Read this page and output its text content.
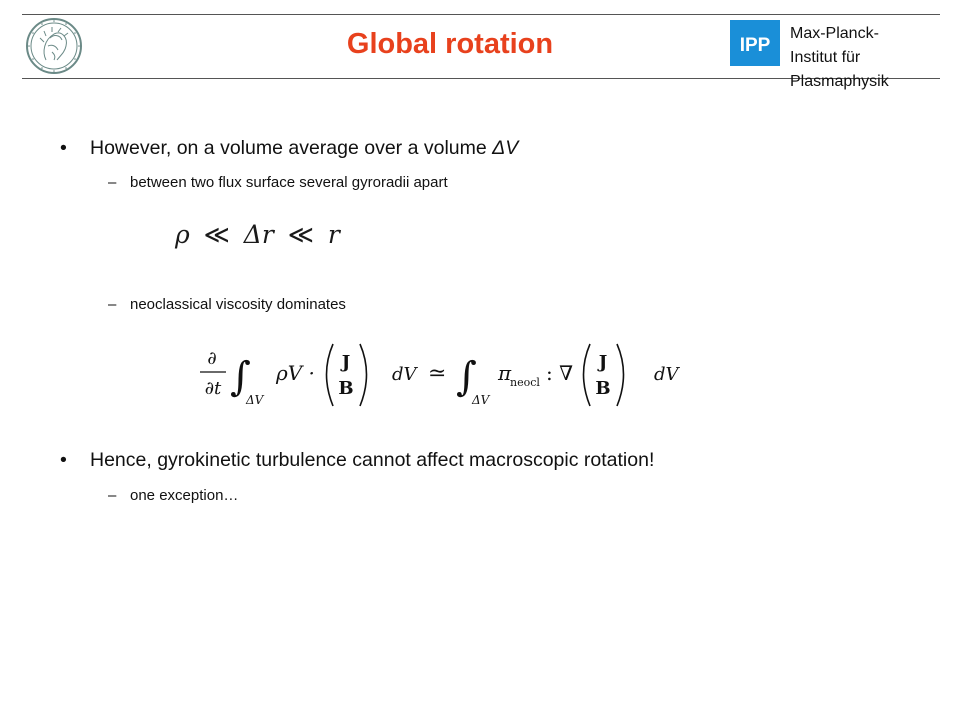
Global rotation	IPP
Max-Planck-
Institut für
Plasmaphysik
• However, on a volume average over a volume ΔV
– between two flux surface several gyroradii apart
ρ ≪ Δr ≪ r
– neoclassical viscosity dominates
∂
∂t ∫
ΔV
ρV · J
B
dV ≃ ∫
ΔV
π
neocl : ∇ J
B
dV
• Hence, gyrokinetic turbulence cannot affect macroscopic rotation!
– one exception…
